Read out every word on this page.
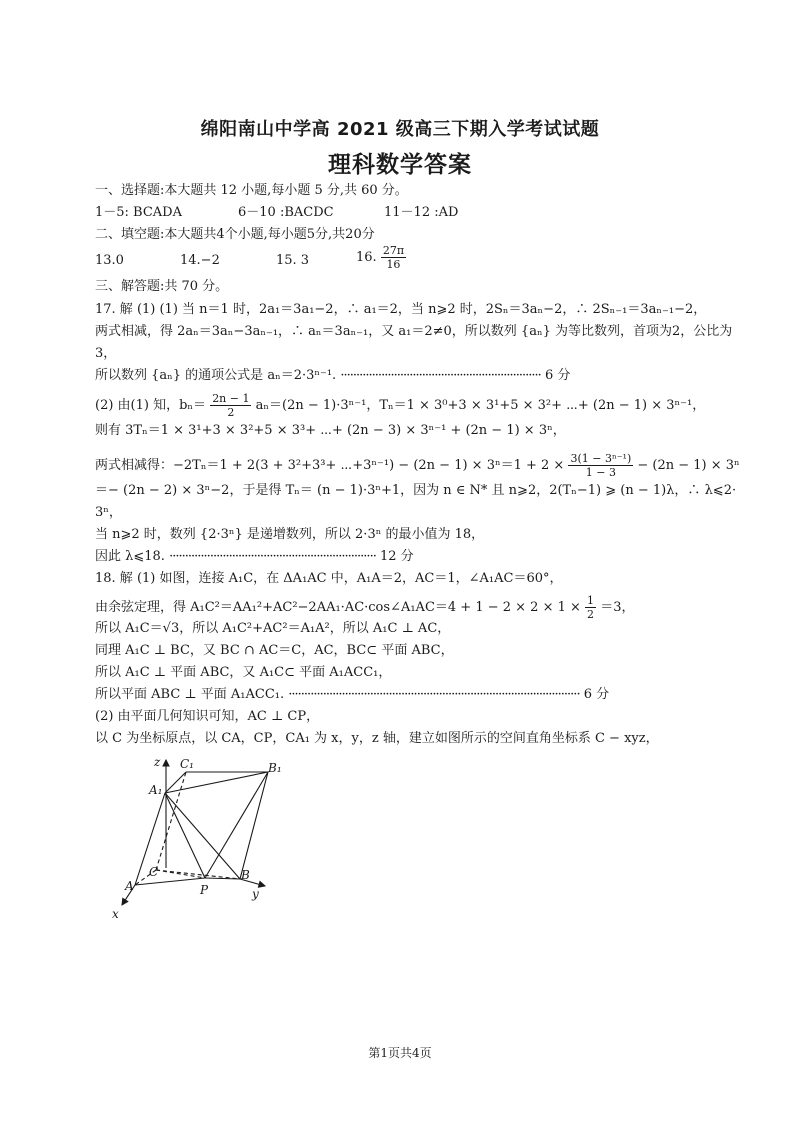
绵阳南山中学高 2021 级高三下期入学考试试题
理科数学答案
一、选择题:本大题共 12 小题,每小题 5 分,共 60 分。
1－5: BCADA	6－10 :BACDC	11－12 :AD
二、填空题:本大题共4个小题,每小题5分,共20分
13.0	14.−2	15. 3	16. $\frac{27\pi}{16}$
三、解答题:共 70 分。
17. 解 (1) (1) 当 n＝1 时，2a₁＝3a₁−2，∴ a₁＝2，当 n⩾2 时，2Sₙ＝3aₙ−2，∴ 2Sₙ₋₁＝3aₙ₋₁−2，
两式相减，得 2aₙ＝3aₙ−3aₙ₋₁，∴ aₙ＝3aₙ₋₁，又 a₁＝2≠0，所以数列 {aₙ} 为等比数列，首项为2，公比为
3，
所以数列 {aₙ} 的通项公式是 aₙ＝2·3ⁿ⁻¹. ································································ 6 分
(2) 由(1) 知，$b_n= \frac{2n - 1}{2} a_n=(2n - 1)\cdot 3^{n-1}$，Tₙ＝1 × 3⁰+3 × 3¹+5 × 3²+ ⋯+ (2n − 1) × 3ⁿ⁻¹，
则有 3Tₙ＝1 × 3¹+3 × 3²+5 × 3³+ ⋯+ (2n − 3) × 3ⁿ⁻¹ + (2n − 1) × 3ⁿ，
两式相减得：−2Tₙ＝1 + 2(3 + 3²+3³+ ⋯+3ⁿ⁻¹) − $(2n - 1) \times 3^n=1 + 2 \times \frac{\text{3(1 − 3ⁿ⁻¹)}}{1 - 3} - (2n - 1) \times 3^n$
＝− (2n − 2) × 3ⁿ−2，于是得 Tₙ＝ (n − 1)·3ⁿ+1，因为 n ∈ N* 且 n⩾2，2(Tₙ−1) ⩾ (n − 1)λ，∴ λ⩽2·
3ⁿ，
当 n⩾2 时，数列 {2·3ⁿ} 是递增数列，所以 2·3ⁿ 的最小值为 18，
因此 λ⩽18. ·································································· 12 分
18. 解 (1) 如图，连接 A₁C，在 ΔA₁AC 中，A₁A＝2，AC＝1，∠A₁AC＝60°，
由余弦定理，得 A₁C²＝AA₁²+AC²−2AA₁·AC·cos∠A₁AC＝4 + $1 - 2 \times 2 \times 1 \times \frac{1}{2} =3$，
所以 A₁C＝√3，所以 A₁C²+AC²＝A₁A²，所以 A₁C ⊥ AC，
同理 A₁C ⊥ BC，又 BC ∩ AC＝C，AC，BC⊂ 平面 ABC，
所以 A₁C ⊥ 平面 ABC，又 A₁C⊂ 平面 A₁ACC₁，
所以平面 ABC ⊥ 平面 A₁ACC₁. ····························································································· 6 分
(2) 由平面几何知识可知，AC ⊥ CP，
以 C 为坐标原点，以 CA，CP，CA₁ 为 x，y，z 轴，建立如图所示的空间直角坐标系 C − xyz，
z C₁	B₁
A₁
C	B
A	P
x
y
第1页共4页
